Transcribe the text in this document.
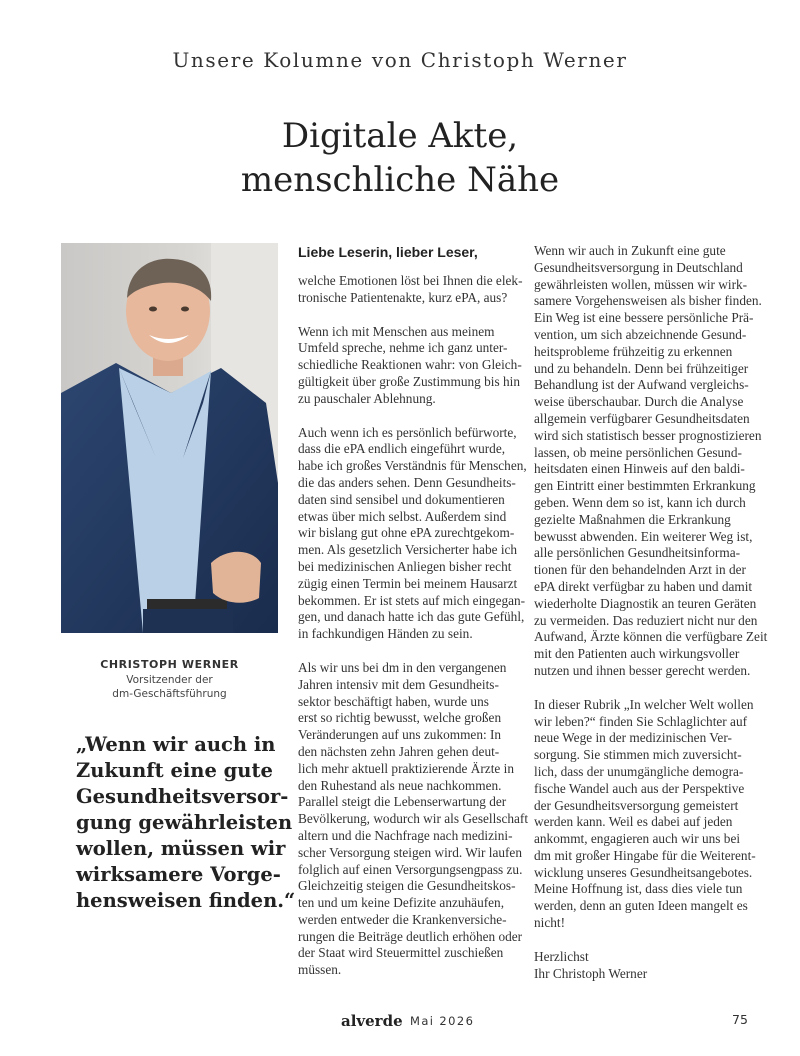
Unsere Kolumne von Christoph Werner
Digitale Akte,
menschliche Nähe
CHRISTOPH WERNER
Vorsitzender der
dm-Geschäftsführung
„Wenn wir auch in
Zukunft eine gute
Gesundheitsversor-
gung gewährleisten
wollen, müssen wir
wirksamere Vorge-
hensweisen finden.“
Liebe Leserin, lieber Leser,

welche Emotionen löst bei Ihnen die elek-
tronische Patientenakte, kurz ePA, aus?

Wenn ich mit Menschen aus meinem
Umfeld spreche, nehme ich ganz unter-
schiedliche Reaktionen wahr: von Gleich-
gültigkeit über große Zustimmung bis hin
zu pauschaler Ablehnung.

Auch wenn ich es persönlich befürworte,
dass die ePA endlich eingeführt wurde,
habe ich großes Verständnis für Menschen,
die das anders sehen. Denn Gesundheits-
daten sind sensibel und dokumentieren
etwas über mich selbst. Außerdem sind
wir bislang gut ohne ePA zurechtgekom-
men. Als gesetzlich Versicherter habe ich
bei medizinischen Anliegen bisher recht
zügig einen Termin bei meinem Hausarzt
bekommen. Er ist stets auf mich eingegan-
gen, und danach hatte ich das gute Gefühl,
in fachkundigen Händen zu sein.

Als wir uns bei dm in den vergangenen
Jahren intensiv mit dem Gesundheits-
sektor beschäftigt haben, wurde uns
erst so richtig bewusst, welche großen
Veränderungen auf uns zukommen: In
den nächsten zehn Jahren gehen deut-
lich mehr aktuell praktizierende Ärzte in
den Ruhestand als neue nachkommen.
Parallel steigt die Lebenserwartung der
Bevölkerung, wodurch wir als Gesellschaft
altern und die Nachfrage nach medizini-
scher Versorgung steigen wird. Wir laufen
folglich auf einen Versorgungsengpass zu.
Gleichzeitig steigen die Gesundheitskos-
ten und um keine Defizite anzuhäufen,
werden entweder die Krankenversiche-
rungen die Beiträge deutlich erhöhen oder
der Staat wird Steuermittel zuschießen
müssen.

Wenn wir auch in Zukunft eine gute
Gesundheitsversorgung in Deutschland
gewährleisten wollen, müssen wir wirk-
samere Vorgehensweisen als bisher finden.
Ein Weg ist eine bessere persönliche Prä-
vention, um sich abzeichnende Gesund-
heitsprobleme frühzeitig zu erkennen
und zu behandeln. Denn bei frühzeitiger
Behandlung ist der Aufwand vergleichs-
weise überschaubar. Durch die Analyse
allgemein verfügbarer Gesundheitsdaten
wird sich statistisch besser prognostizieren
lassen, ob meine persönlichen Gesund-
heitsdaten einen Hinweis auf den baldi-
gen Eintritt einer bestimmten Erkrankung
geben. Wenn dem so ist, kann ich durch
gezielte Maßnahmen die Erkrankung
bewusst abwenden. Ein weiterer Weg ist,
alle persönlichen Gesundheitsinforma-
tionen für den behandelnden Arzt in der
ePA direkt verfügbar zu haben und damit
wiederholte Diagnostik an teuren Geräten
zu vermeiden. Das reduziert nicht nur den
Aufwand, Ärzte können die verfügbare Zeit
mit den Patienten auch wirkungsvoller
nutzen und ihnen besser gerecht werden.

In dieser Rubrik „In welcher Welt wollen
wir leben?“ finden Sie Schlaglichter auf
neue Wege in der medizinischen Ver-
sorgung. Sie stimmen mich zuversicht-
lich, dass der unumgängliche demogra-
fische Wandel auch aus der Perspektive
der Gesundheitsversorgung gemeistert
werden kann. Weil es dabei auf jeden
ankommt, engagieren auch wir uns bei
dm mit großer Hingabe für die Weiterent-
wicklung unseres Gesundheitsangebotes.
Meine Hoffnung ist, dass dies viele tun
werden, denn an guten Ideen mangelt es
nicht!

Herzlichst
Ihr Christoph Werner

alverde Mai 2026	75
